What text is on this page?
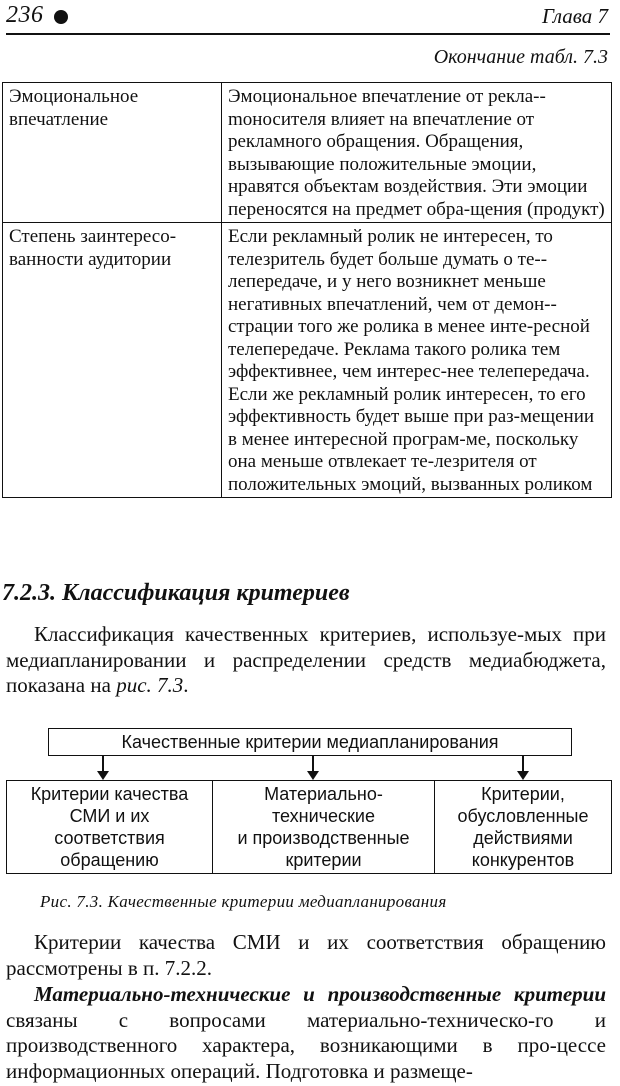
236	Глава 7
Окончание табл. 7.3
Эмоциональное
впечатление	Эмоциональное впечатление от рекла-mоносителя влияет на впечатление от рекламного обращения. Обращения, вызывающие положительные эмоции, нравятся объектам воздействия. Эти эмоции переносятся на предмет обра-щения (продукт)

Степень заинтересо-
ванности аудитории	Если рекламный ролик не интересен, то телезритель будет больше думать о те-лепередаче, и у него возникнет меньше негативных впечатлений, чем от демон-страции того же ролика в менее инте-ресной телепередаче. Реклама такого ролика тем эффективнее, чем интерес-нее телепередача.
Если же рекламный ролик интересен, то его эффективность будет выше при раз-мещении в менее интересной програм-ме, поскольку она меньше отвлекает те-лезрителя от положительных эмоций, вызванных роликом
7.2.3. Классификация критериев
Классификация качественных критериев, используе-мых при медиапланировании и распределении средств медиабюджета, показана на рис. 7.3.
Качественные критерии медиапланирования
Критерии качества
СМИ и их
соответствия
обращению
Материально-
технические
и производственные
критерии
Критерии,
обусловленные
действиями
конкурентов
Рис. 7.3. Качественные критерии медиапланирования
Критерии качества СМИ и их соответствия обращению рассмотрены в п. 7.2.2.
Материально-технические и производственные критерии связаны с вопросами материально-техническо-го и производственного характера, возникающими в про-цессе информационных операций. Подготовка и размеще-
